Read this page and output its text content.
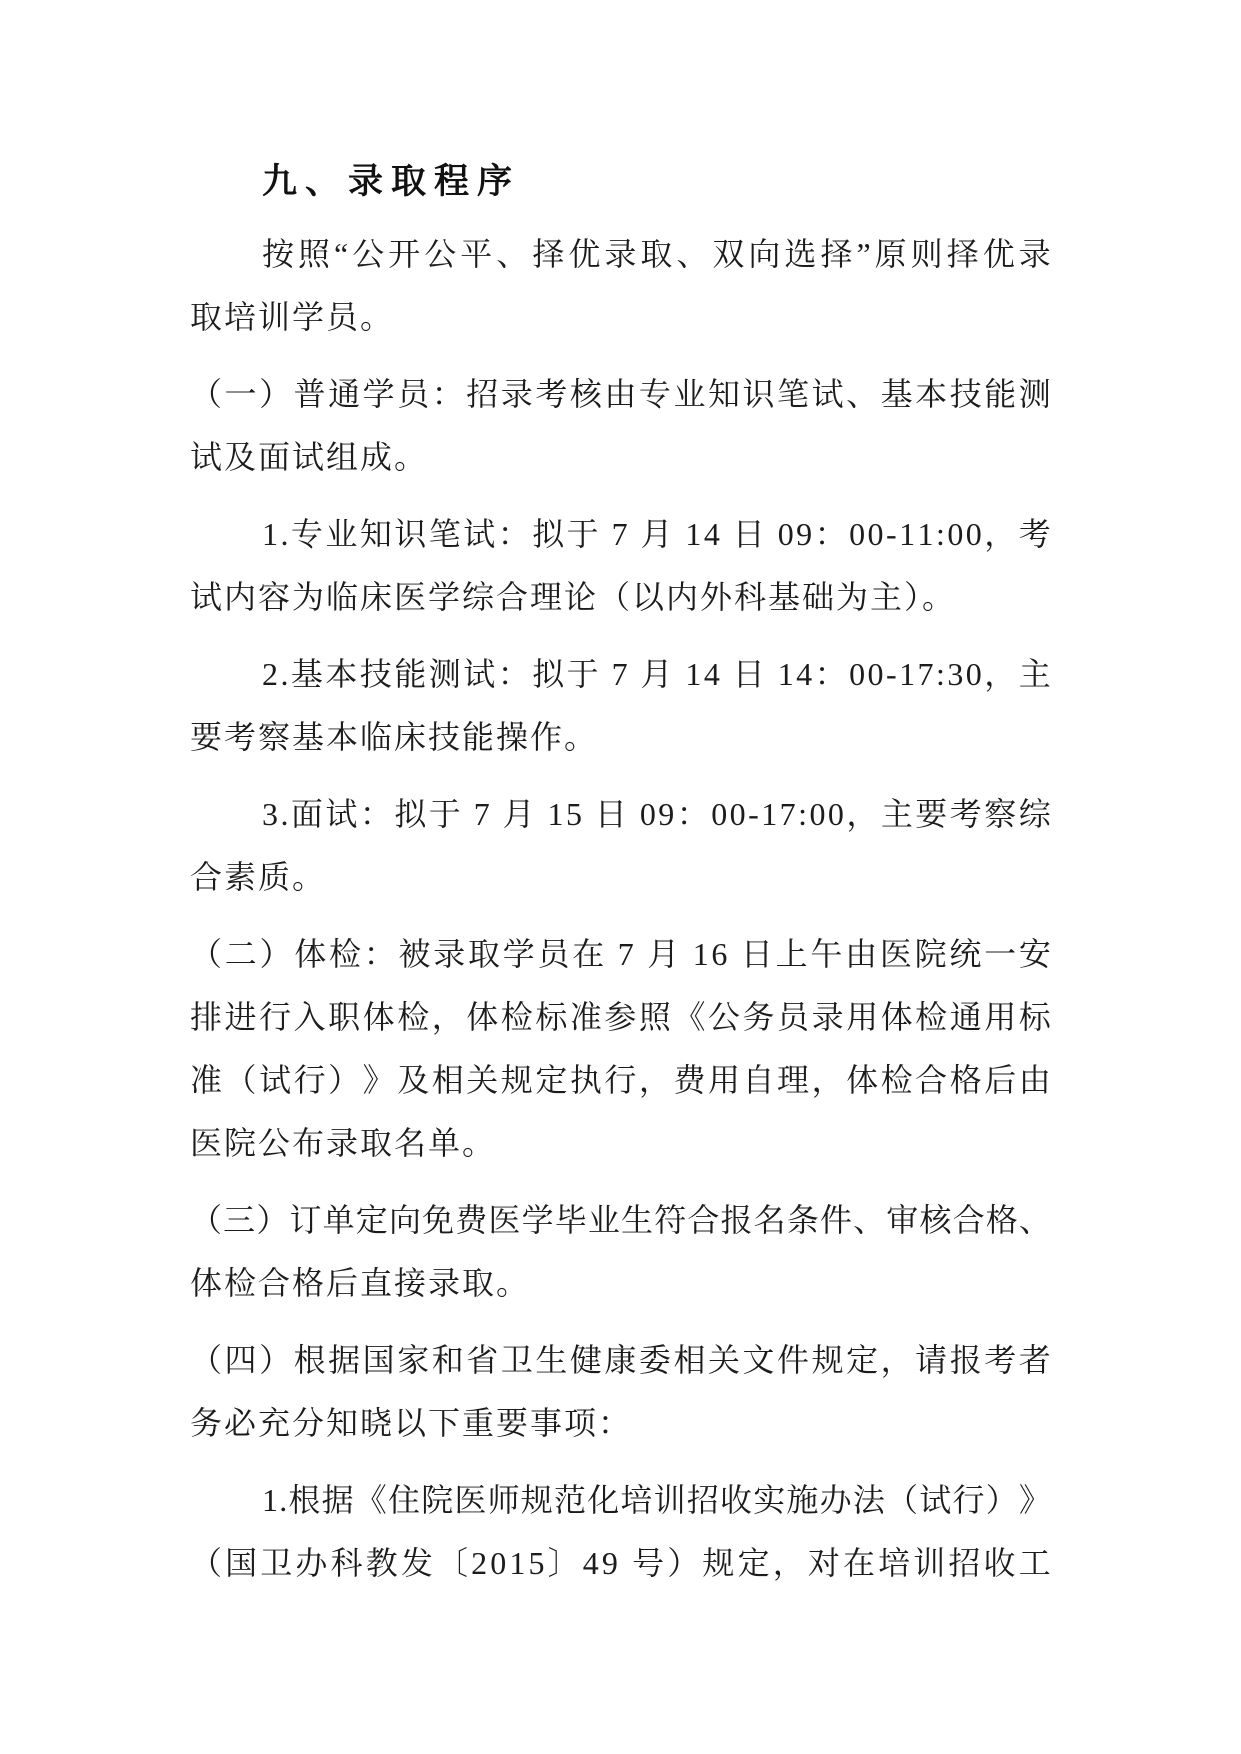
九、录取程序
按 照 “ 公 开 公 平 、 择 优 录 取 、 双 向 选 择 ” 原 则 择 优 录
取培训学员。
（ 一 ） 普 通 学 员 ： 招 录 考 核 由 专 业 知 识 笔 试 、 基 本 技 能 测
试及面试组成。
1 . 专 业 知 识 笔 试 ： 拟 于
7
月
1 4
日
0 9 ： 0 0 - 1 1 : 0 0 ， 考
试内容为临床医学综合理论（以内外科基础为主）。
2 . 基 本 技 能 测 试 ： 拟 于
7
月
1 4
日
1 4 ： 0 0 - 1 7 : 3 0 ， 主
要考察基本临床技能操作。
3 . 面 试 ： 拟 于
7
月
1 5
日
0 9 ： 0 0 - 1 7 : 0 0 ， 主 要 考 察 综
合素质。
（ 二 ） 体 检 ： 被 录 取 学 员 在
7
月
1 6
日 上 午 由 医 院 统 一 安
排 进 行 入 职 体 检 ， 体 检 标 准 参 照 《 公 务 员 录 用 体 检 通 用 标
准 （ 试 行 ） 》 及 相 关 规 定 执 行 ， 费 用 自 理 ， 体 检 合 格 后 由
医院公布录取名单。
（ 三 ） 订 单 定 向 免 费 医 学 毕 业 生 符 合 报 名 条 件 、 审 核 合 格 、
体检合格后直接录取。
（ 四 ） 根 据 国 家 和 省 卫 生 健 康 委 相 关 文 件 规 定 ， 请 报 考 者
务必充分知晓以下重要事项：
1 . 根 据 《 住 院 医 师 规 范 化 培 训 招 收 实 施 办 法 （ 试 行 ） 》
（ 国 卫 办 科 教 发 〔 2 0 1 5 〕 4 9
号 ） 规 定 ， 对 在 培 训 招 收 工
